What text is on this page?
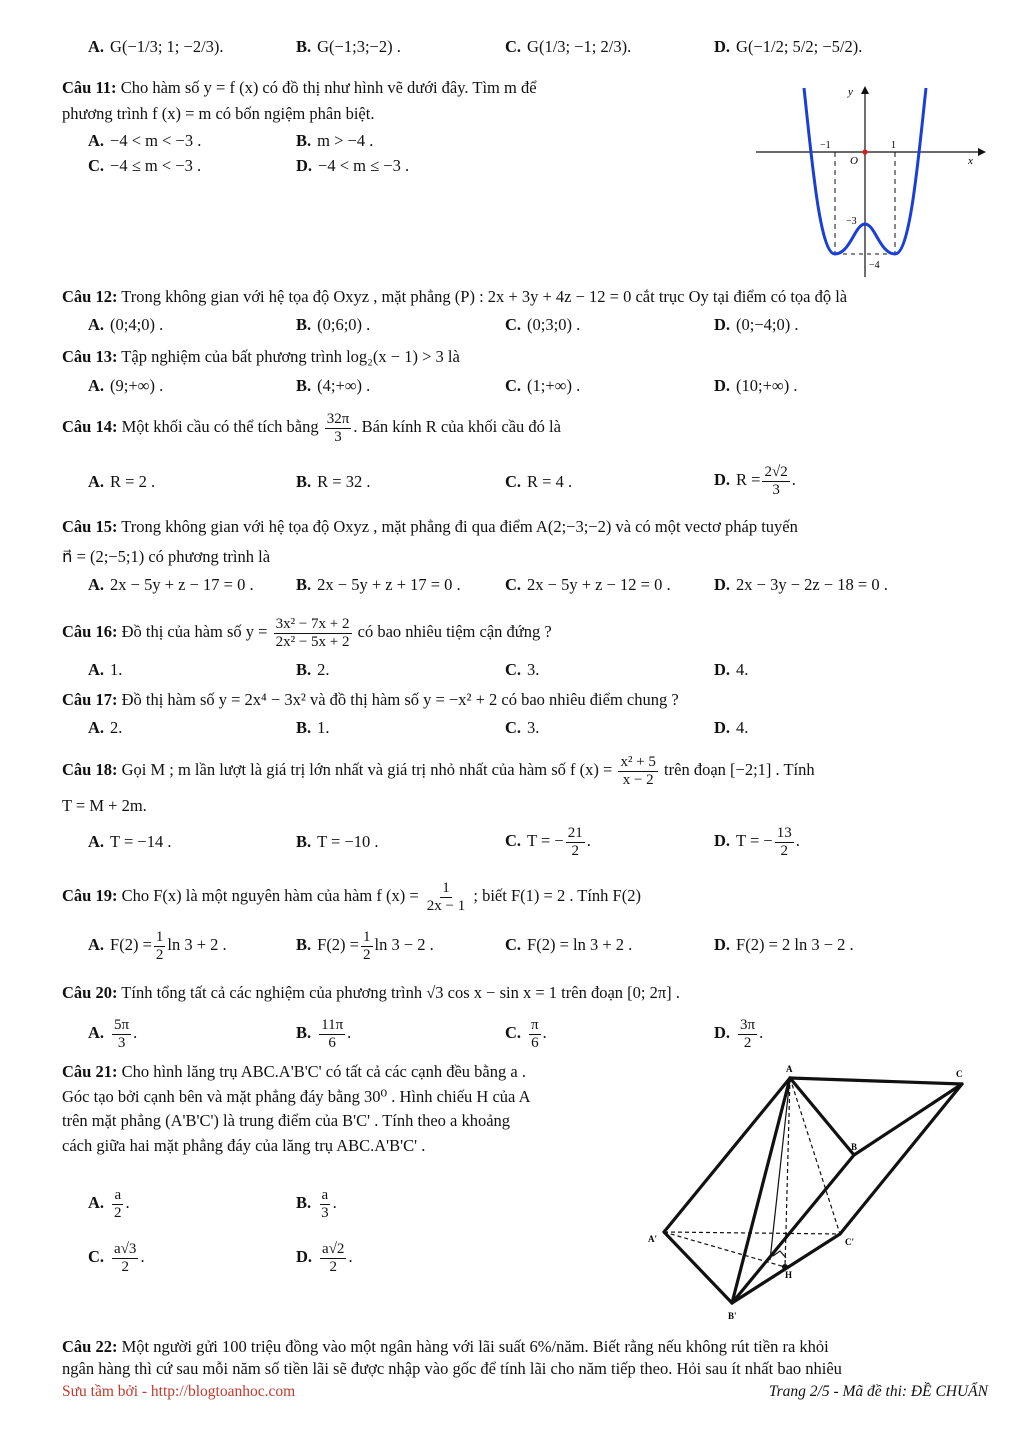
A. G(−1/3; 1; −2/3).	B. G(−1;3;−2) .	C. G(1/3; −1; 2/3).	D. G(−1/2; 5/2; −5/2).
Câu 11: Cho hàm số y = f (x) có đồ thị như hình vẽ dưới đây. Tìm m để
phương trình f (x) = m có bốn ngiệm phân biệt.
A. −4 < m < −3 .	B. m > −4 .
C. −4 ≤ m < −3 .	D. −4 < m ≤ −3 .
y
x
O
−1	1
−3
−4
Câu 12: Trong không gian với hệ tọa độ Oxyz , mặt phẳng (P) : 2x + 3y + 4z − 12 = 0 cắt trục Oy tại điểm có tọa độ là
A. (0;4;0) .	B. (0;6;0) .	C. (0;3;0) .	D. (0;−4;0) .
Câu 13: Tập nghiệm của bất phương trình log₂(x − 1) > 3 là
A. (9;+∞) .	B. (4;+∞) .	C. (1;+∞) .	D. (10;+∞) .
Câu 14: Một khối cầu có thể tích bằng $\frac{32\pi}{3}$ . Bán kính R của khối cầu đó là
A. R = 2 .	B. R = 32 .	C. R = 4 .	D. $R = \frac{2√2}{3}$ .
Câu 15: Trong không gian với hệ tọa độ Oxyz , mặt phẳng đi qua điểm A(2;−3;−2) và có một vectơ pháp tuyến
n⃗ = (2;−5;1) có phương trình là
A. 2x − 5y + z − 17 = 0 .	B. 2x − 5y + z + 17 = 0 .	C. 2x − 5y + z − 12 = 0 .	D. 2x − 3y − 2z − 18 = 0 .
Câu 16: Đồ thị của hàm số $y = \frac{\text{3x² − 7x + 2}}{\text{2x² − 5x + 2}}$ có bao nhiêu tiệm cận đứng ?
A. 1.	B. 2.	C. 3.	D. 4.
Câu 17: Đồ thị hàm số y = 2x⁴ − 3x² và đồ thị hàm số y = −x² + 2 có bao nhiêu điểm chung ?
A. 2.	B. 1.	C. 3.	D. 4.
Câu 18: Gọi M ; m lần lượt là giá trị lớn nhất và giá trị nhỏ nhất của hàm số f $(x) = \frac{\text{x² + 5}}{x - 2}$ trên đoạn [−2;1] . Tính
T = M + 2m.
A. T = −14 .	B. T = −10 .	C. T = − $\frac{21}{2}$ .	D. T = − $\frac{13}{2}$ .
Câu 19: Cho F(x) là một nguyên hàm của hàm f $(x) = \frac{1}{2x - 1}$ ; biết F(1) = 2 . Tính F(2)
A. $F(2) = \frac{1}{2}$ ln 3 + 2 .	B. $F(2) = \frac{1}{2}$ ln 3 − 2 .	C. F(2) = ln 3 + 2 .	D. F(2) = 2 ln 3 − 2 .
Câu 20: Tính tổng tất cả các nghiệm của phương trình √3 cos x − sin x = 1 trên đoạn [0; 2π] .
A. $\frac{5\pi}{3}$ .	B. $\frac{11\pi}{6}$ .	C. $\frac{\pi}{6}$ .	D. $\frac{3\pi}{2}$ .
Câu 21: Cho hình lăng trụ ABC.A'B'C' có tất cả các cạnh đều bằng a .
Góc tạo bởi cạnh bên và mặt phẳng đáy bằng 30⁰ . Hình chiếu H của A
trên mặt phẳng (A'B'C') là trung điểm của B'C' . Tính theo a khoảng
cách giữa hai mặt phẳng đáy của lăng trụ ABC.A'B'C' .
A. $\frac{a}{2}$ .	B. $\frac{a}{3}$ .
C. $\frac{a√3}{2}$ .	D. $\frac{a√2}{2}$ .
A	C
B
A'	C'
H
B'
Câu 22: Một người gửi 100 triệu đồng vào một ngân hàng với lãi suất 6%/năm. Biết rằng nếu không rút tiền ra khỏi
ngân hàng thì cứ sau mỗi năm số tiền lãi sẽ được nhập vào gốc để tính lãi cho năm tiếp theo. Hỏi sau ít nhất bao nhiêu
Sưu tầm bởi - http://blogtoanhoc.com	Trang 2/5 - Mã đề thi: ĐỀ CHUẨN
